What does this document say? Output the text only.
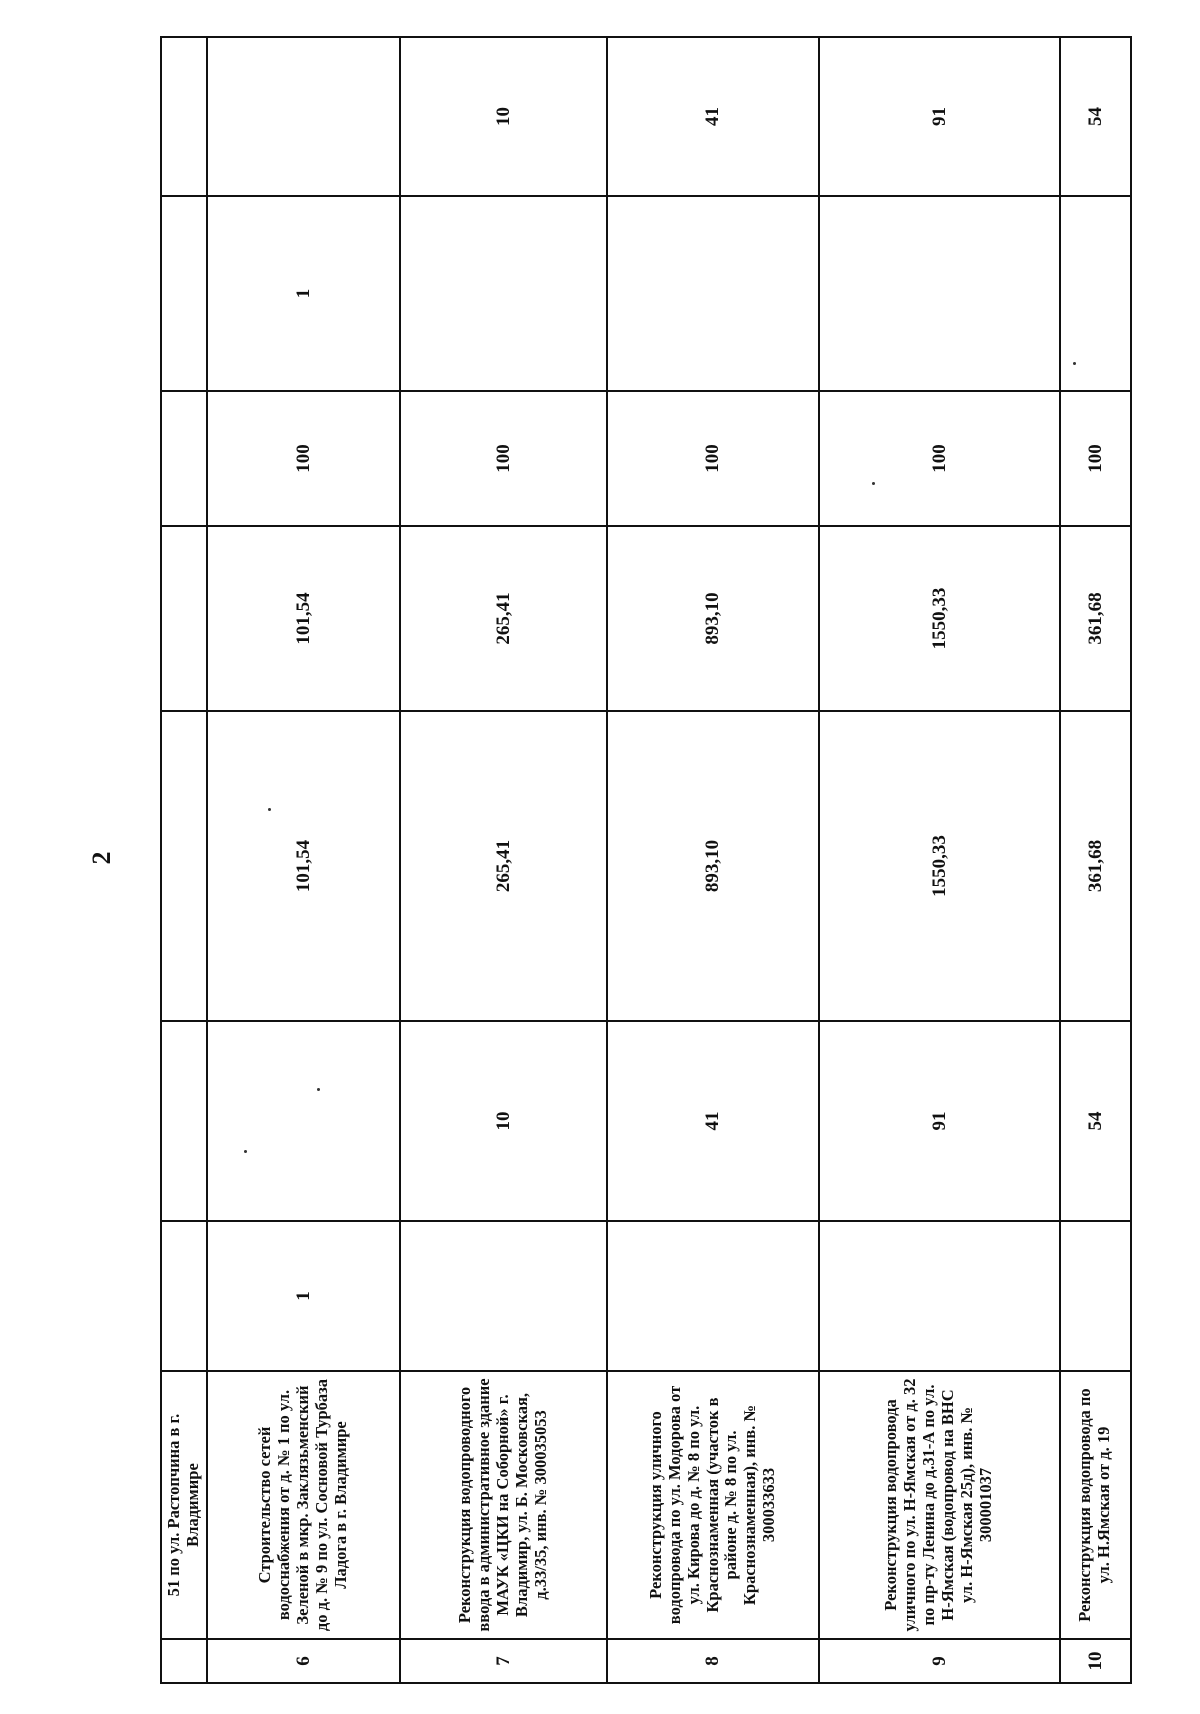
2
	51 по ул. Растопчина в г. Владимире							
6	Строительство сетей водоснабжения от д. № 1 по ул. Зеленой в мкр. Заклязьменский до д. № 9 по ул. Сосновой Турбаза Ладога в г. Владимире	1		101,54	101,54	100	1	
7	Реконструкция водопроводного ввода в административное здание МАУК «ЦКИ на Соборной» г. Владимир, ул. Б. Московская, д.33/35, инв. № 300035053		10	265,41	265,41	100		10
8	Реконструкция уличного водопровода по ул. Модорова от ул. Кирова до д. № 8 по ул. Краснознаменная (участок в районе д. № 8 по ул. Краснознаменная), инв. № 300033633		41	893,10	893,10	100		41
9	Реконструкция водопровода уличного по ул. Н-Ямская от д. 32 по пр-ту Ленина до д.31-А по ул. Н-Ямская (водопровод на ВНС ул. Н-Ямская 25д), инв. № 300001037		91	1550,33	1550,33	100		91
10	Реконструкция водопровода по ул. Н.Ямская от д. 19		54	361,68	361,68	100		54
